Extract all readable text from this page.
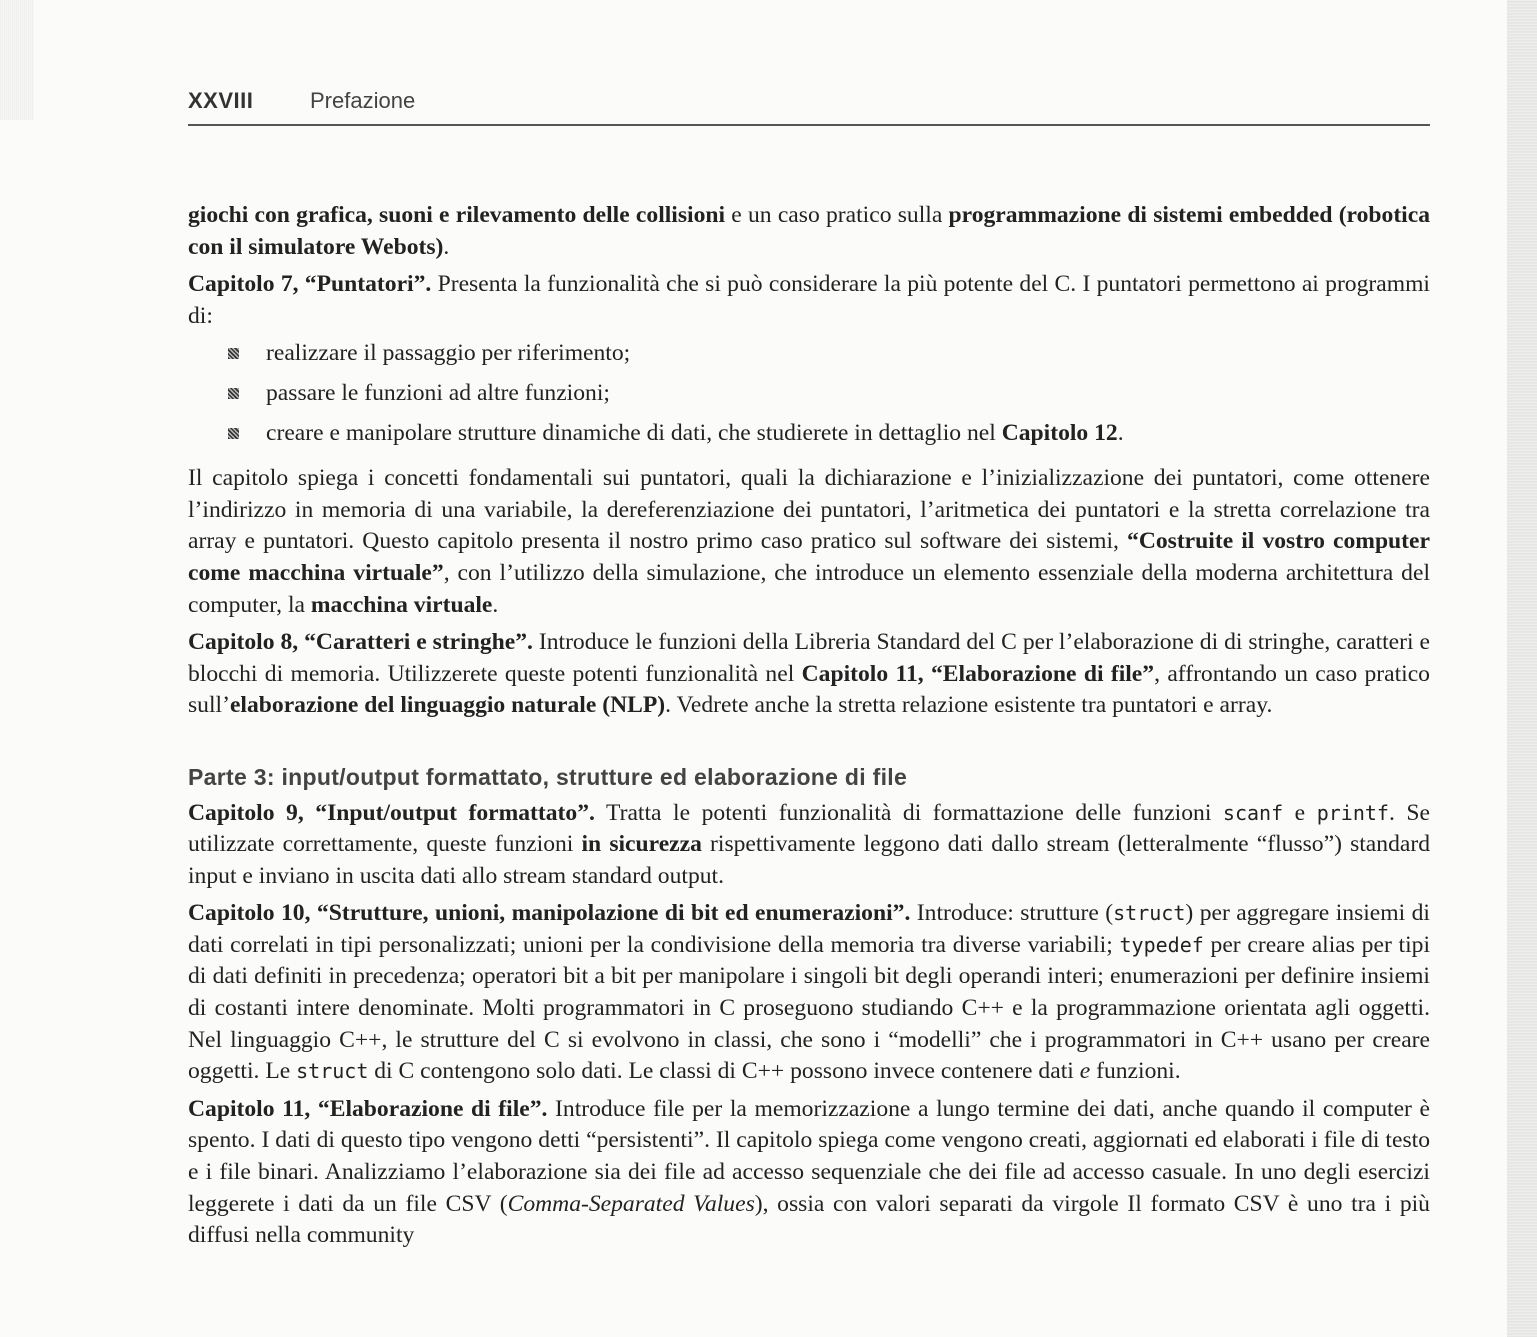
XXVIII	Prefazione

giochi con grafica, suoni e rilevamento delle collisioni e un caso pratico sulla programmazione di sistemi embedded (robotica con il simulatore Webots).

Capitolo 7, “Puntatori”. Presenta la funzionalità che si può considerare la più potente del C. I puntatori permettono ai programmi di:

realizzare il passaggio per riferimento;
passare le funzioni ad altre funzioni;
creare e manipolare strutture dinamiche di dati, che studierete in dettaglio nel Capitolo 12.

Il capitolo spiega i concetti fondamentali sui puntatori, quali la dichiarazione e l’inizializzazione dei puntatori, come ottenere l’indirizzo in memoria di una variabile, la dereferenziazione dei puntatori, l’aritmetica dei puntatori e la stretta correlazione tra array e puntatori. Questo capitolo presenta il nostro primo caso pratico sul software dei sistemi, “Costruite il vostro computer come macchina virtuale”, con l’utilizzo della simulazione, che introduce un elemento essenziale della moderna architettura del computer, la macchina virtuale.

Capitolo 8, “Caratteri e stringhe”. Introduce le funzioni della Libreria Standard del C per l’elaborazione di di stringhe, caratteri e blocchi di memoria. Utilizzerete queste potenti funzionalità nel Capitolo 11, “Elaborazione di file”, affrontando un caso pratico sull’elaborazione del linguaggio naturale (NLP). Vedrete anche la stretta relazione esistente tra puntatori e array.

Parte 3: input/output formattato, strutture ed elaborazione di file

Capitolo 9, “Input/output formattato”. Tratta le potenti funzionalità di formattazione delle funzioni scanf e printf. Se utilizzate correttamente, queste funzioni in sicurezza rispettivamente leggono dati dallo stream (letteralmente “flusso”) standard input e inviano in uscita dati allo stream standard output.

Capitolo 10, “Strutture, unioni, manipolazione di bit ed enumerazioni”. Introduce: strutture (struct) per aggregare insiemi di dati correlati in tipi personalizzati; unioni per la condivisione della memoria tra diverse variabili; typedef per creare alias per tipi di dati definiti in precedenza; operatori bit a bit per manipolare i singoli bit degli operandi interi; enumerazioni per definire insiemi di costanti intere denominate. Molti programmatori in C proseguono studiando C++ e la programmazione orientata agli oggetti. Nel linguaggio C++, le strutture del C si evolvono in classi, che sono i “modelli” che i programmatori in C++ usano per creare oggetti. Le struct di C contengono solo dati. Le classi di C++ possono invece contenere dati e funzioni.

Capitolo 11, “Elaborazione di file”. Introduce file per la memorizzazione a lungo termine dei dati, anche quando il computer è spento. I dati di questo tipo vengono detti “persistenti”. Il capitolo spiega come vengono creati, aggiornati ed elaborati i file di testo e i file binari. Analizziamo l’elaborazione sia dei file ad accesso sequenziale che dei file ad accesso casuale. In uno degli esercizi leggerete i dati da un file CSV (Comma-Separated Values), ossia con valori separati da virgole Il formato CSV è uno tra i più diffusi nella community
